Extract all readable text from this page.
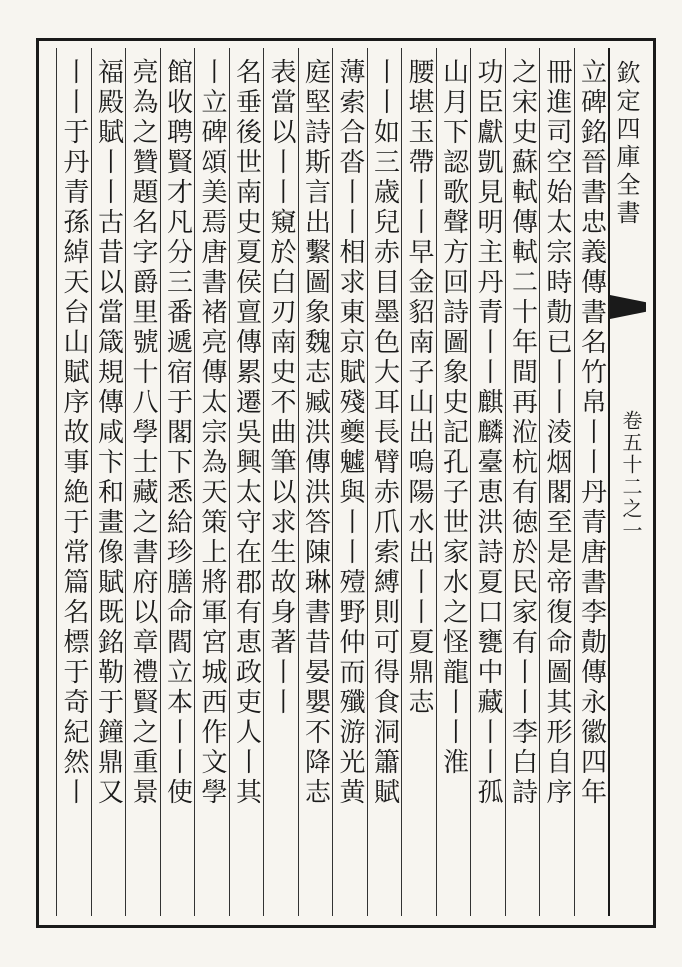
欽定四庫全書
卷五十二之一
立碑銘晉書忠義傳書名竹帛丨丨丹青唐書李勣傳永徽四年
冊進司空始太宗時勣已丨丨淩烟閣至是帝復命圖其形自序
之宋史蘇軾傳軾二十年間再涖杭有徳於民家有丨丨李白詩
功臣獻凱見明主丹青丨丨麒麟臺恵洪詩夏口甕中藏丨丨孤
山月下認歌聲方回詩圖象史記孔子世家水之怪龍丨丨淮
腰堪玉帶丨丨早金貂南子山出嗚陽水出丨丨夏鼎志
丨丨如三歳兒赤目墨色大耳長臂赤爪索縛則可得食洞簫賦
薄索合沓丨丨相求東京賦殘夔魖與丨丨殪野仲而殲游光黄
庭堅詩斯言出繫圖象魏志臧洪傳洪答陳琳書昔晏嬰不降志
表當以丨丨窺於白刃南史不曲筆以求生故身著丨丨
名垂後世南史夏侯亶傳累遷吳興太守在郡有恵政吏人丨其
丨立碑頌美焉唐書褚亮傳太宗為天策上將軍宮城西作文學
館收聘賢才凡分三番遞宿于閣下悉給珍膳命閻立本丨丨使
亮為之贊題名字爵里號十八學士藏之書府以章禮賢之重景
福殿賦丨丨古昔以當箴規傳咸卞和畫像賦既銘勒于鐘鼎又
丨丨于丹青孫綽天台山賦序故事絶于常篇名標于奇紀然丨
